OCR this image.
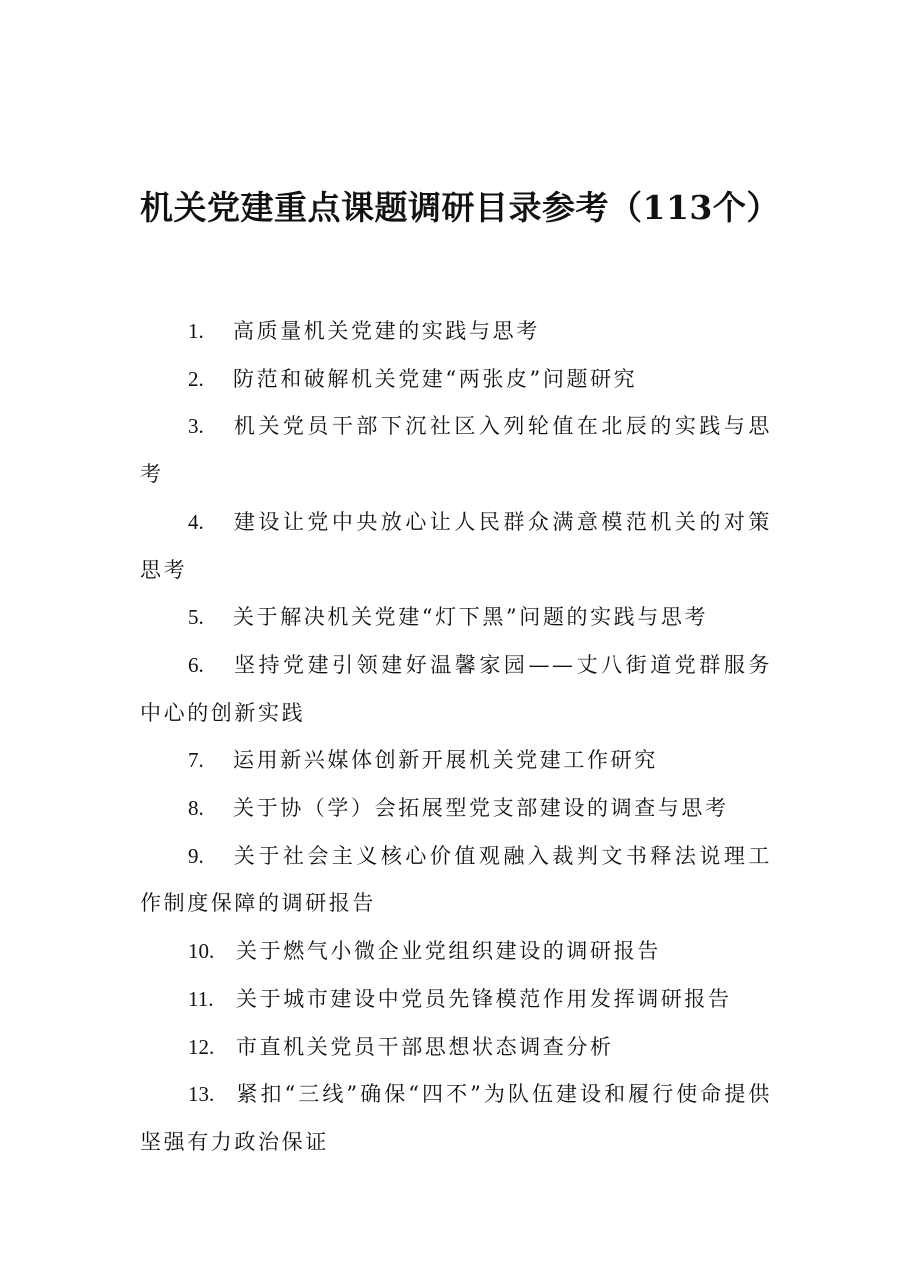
机关党建重点课题调研目录参考（113个）

1. 高质量机关党建的实践与思考

2. 防范和破解机关党建“两张皮”问题研究

3. 机关党员干部下沉社区入列轮值在北辰的实践与思考

4. 建设让党中央放心让人民群众满意模范机关的对策思考

5. 关于解决机关党建“灯下黑”问题的实践与思考

6. 坚持党建引领建好温馨家园——丈八街道党群服务中心的创新实践

7. 运用新兴媒体创新开展机关党建工作研究

8. 关于协（学）会拓展型党支部建设的调查与思考

9. 关于社会主义核心价值观融入裁判文书释法说理工作制度保障的调研报告

10. 关于燃气小微企业党组织建设的调研报告

11. 关于城市建设中党员先锋模范作用发挥调研报告

12. 市直机关党员干部思想状态调查分析

13. 紧扣“三线”确保“四不”为队伍建设和履行使命提供坚强有力政治保证
